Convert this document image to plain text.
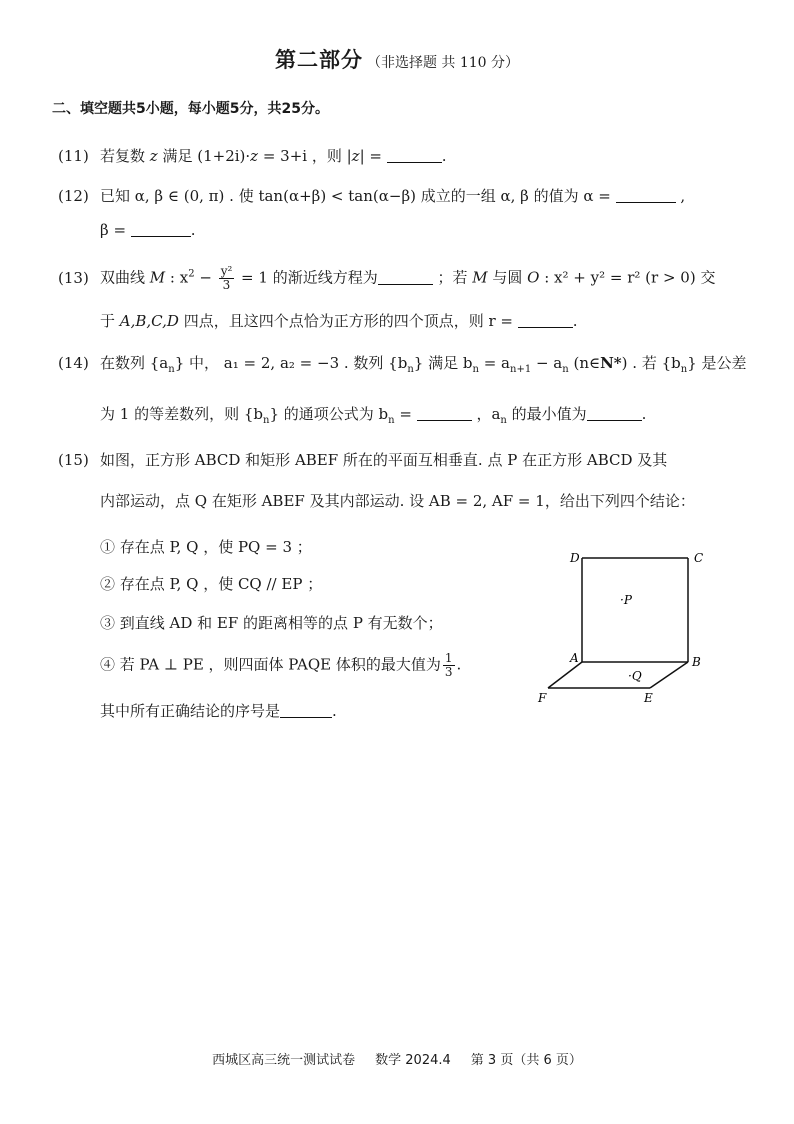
第二部分 （非选择题 共 110 分）
二、填空题共5小题，每小题5分，共25分。
(11) 若复数 z 满足 (1+2i)·z = 3+i ，则 |z| =	.
(12) 已知 α, β ∈ (0, π) . 使 tan(α+β) < tan(α−β) 成立的一组 α, β 的值为 α =	,
β =	.
(13) 双曲线 M : $x^2 - \frac{\text{y²}}{3} = 1$ 的渐近线方程为	；若 M 与圆 O : x² + y² = r² (r > 0) 交
于 A,B,C,D 四点，且这四个点恰为正方形的四个顶点，则 r =	.
(14) 在数列 $\{a_n\}$ 中， a₁ = 2, a₂ = −3 . 数列 $\{b_n\}$ 满足 $b_n = a_{n+1} - a_n$ (n∈N*) . 若 $\{b_n\}$ 是公差
为 1 的等差数列，则 $\{b_n\}$ 的通项公式为 $b_n$ =	，$a_n$ 的最小值为	.
(15) 如图，正方形 ABCD 和矩形 ABEF 所在的平面互相垂直. 点 P 在正方形 ABCD 及其
内部运动，点 Q 在矩形 ABEF 及其内部运动. 设 AB = 2, AF = 1，给出下列四个结论：
① 存在点 P, Q ，使 PQ = 3 ；
② 存在点 P, Q ，使 CQ // EP ；
③ 到直线 AD 和 EF 的距离相等的点 P 有无数个；
④ 若 PA ⊥ PE ，则四面体 PAQE 体积的最大值为 $\frac{1}{3}$ .
其中所有正确结论的序号是	.
D	C
·P
A	B
·Q
F	E
西城区高三统一测试试卷 数学 2024.4 第 3 页（共 6 页）
